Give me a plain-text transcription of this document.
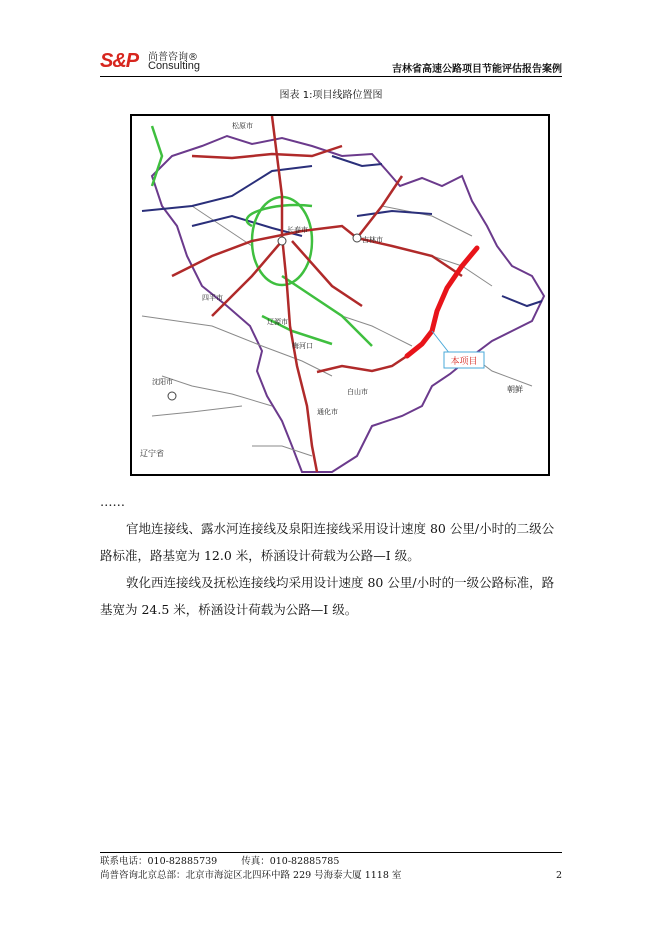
S&P 尚普咨询®
Consulting	吉林省高速公路项目节能评估报告案例
图表 1:项目线路位置图
本项目
松原市
长春市
吉林市
四平市
辽源市
梅河口
通化市
白山市
沈阳市
辽宁省
朝鲜

……

官地连接线、露水河连接线及泉阳连接线采用设计速度 80 公里/小时的二级公路标准，路基宽为 12.0 米，桥涵设计荷载为公路—I 级。

敦化西连接线及抚松连接线均采用设计速度 80 公里/小时的一级公路标准，路基宽为 24.5 米，桥涵设计荷载为公路—I 级。

联系电话：010-82885739	传真：010-82885785
尚普咨询北京总部：北京市海淀区北四环中路 229 号海泰大厦 1118 室	2
